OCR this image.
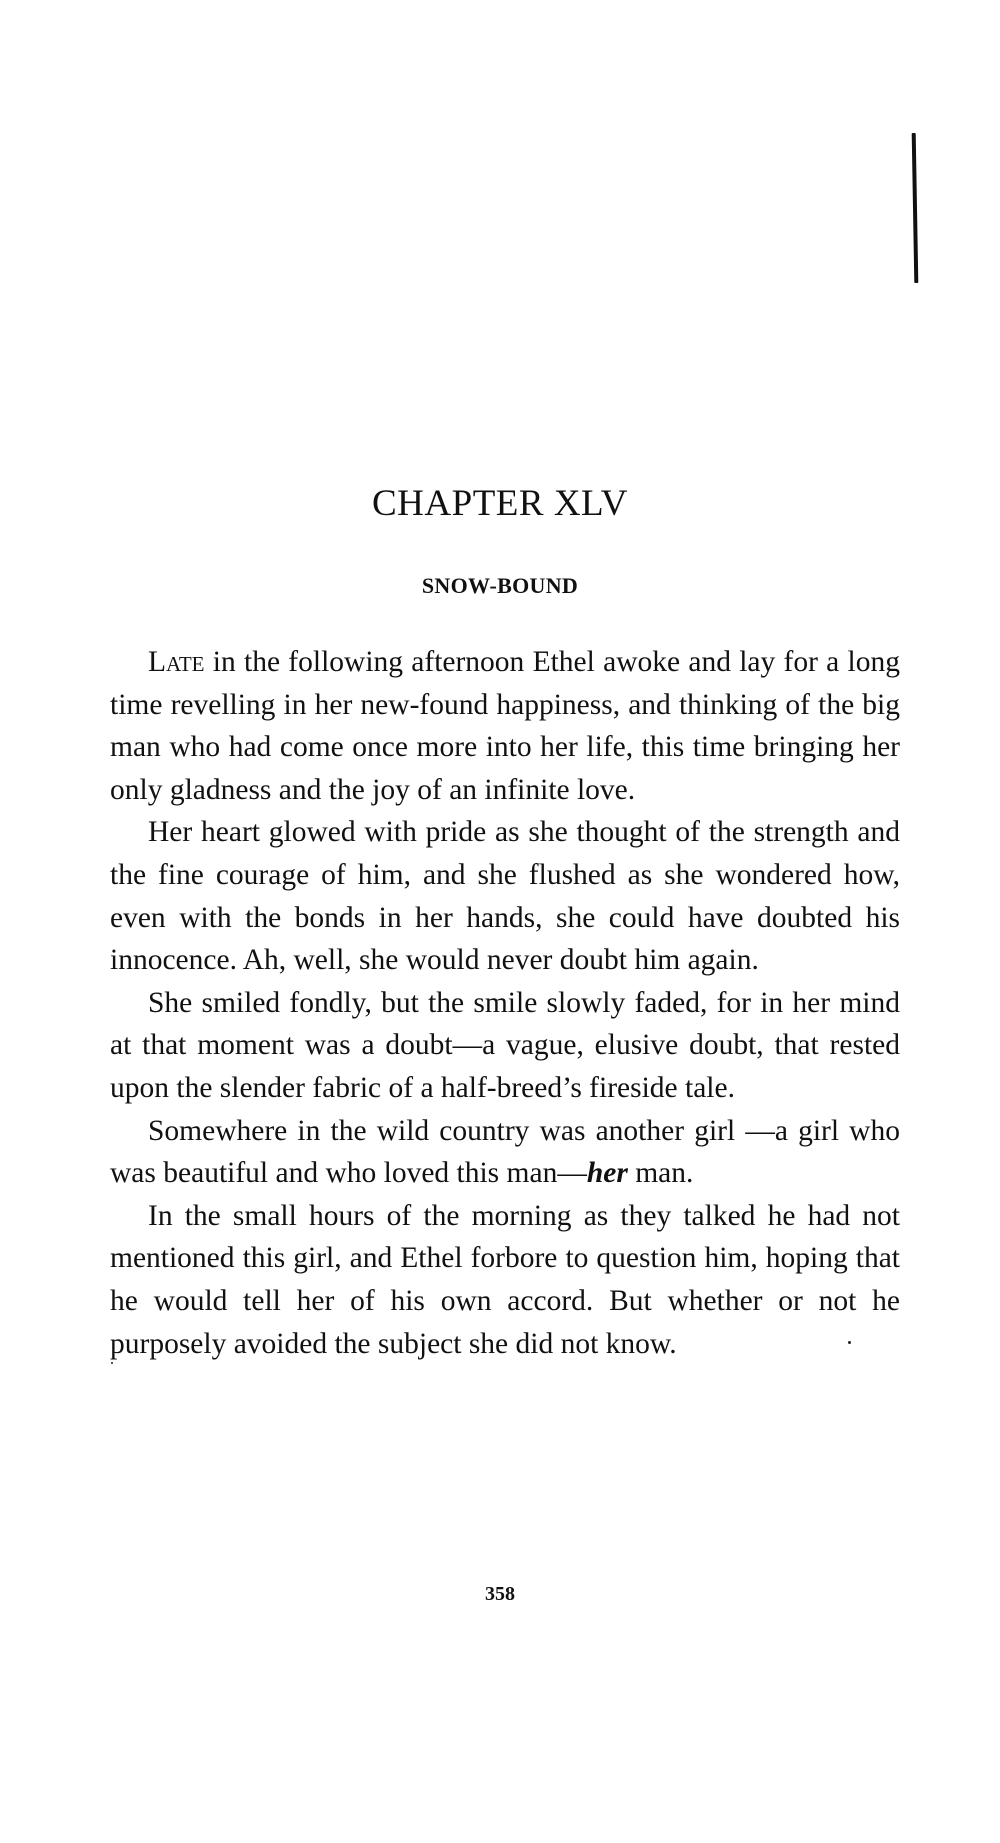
CHAPTER XLV
SNOW-BOUND

Late in the following afternoon Ethel awoke and lay for a long time revelling in her new-found happiness, and thinking of the big man who had come once more into her life, this time bringing her only gladness and the joy of an infinite love.

Her heart glowed with pride as she thought of the strength and the fine courage of him, and she flushed as she wondered how, even with the bonds in her hands, she could have doubted his innocence. Ah, well, she would never doubt him again.

She smiled fondly, but the smile slowly faded, for in her mind at that moment was a doubt—a vague, elusive doubt, that rested upon the slender fabric of a half-breed’s fireside tale.

Somewhere in the wild country was another girl —a girl who was beautiful and who loved this man—her man.

In the small hours of the morning as they talked he had not mentioned this girl, and Ethel forbore to question him, hoping that he would tell her of his own accord. But whether or not he purposely avoided the subject she did not know.

358
